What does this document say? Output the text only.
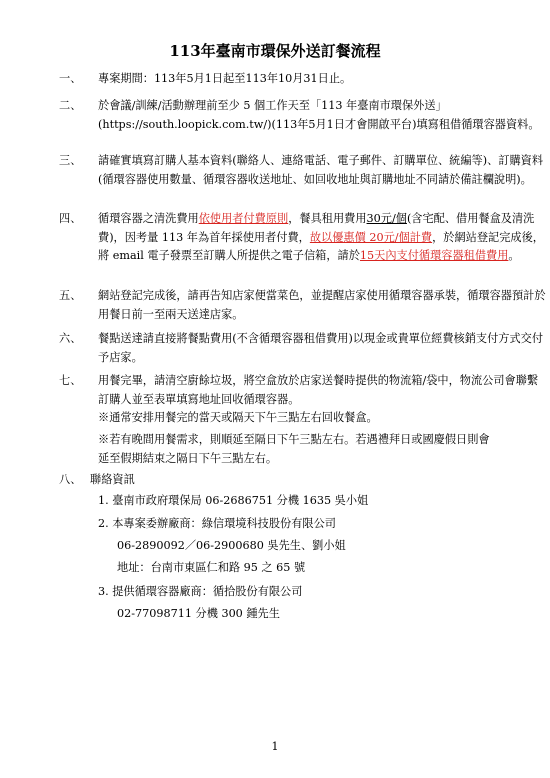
113年臺南市環保外送訂餐流程
一、	專案期間：113年5月1日起至113年10月31日止。
二、	於會議/訓練/活動辦理前至少 5 個工作天至「113 年臺南市環保外送」(https://south.loopick.com.tw/)(113年5月1日才會開啟平台)填寫租借循環容器資料。
三、	請確實填寫訂購人基本資料(聯絡人、連絡電話、電子郵件、訂購單位、統編等)、訂購資料(循環容器使用數量、循環容器收送地址、如回收地址與訂購地址不同請於備註欄說明)。
四、	循環容器之清洗費用依使用者付費原則，餐具租用費用30元/個(含宅配、借用餐盒及清洗費)，因考量 113 年為首年採使用者付費，故以優惠價 20元/個計費，於網站登記完成後，將 email 電子發票至訂購人所提供之電子信箱，請於15天內支付循環容器租借費用。
五、	網站登記完成後，請再告知店家便當菜色，並提醒店家使用循環容器承裝，循環容器預計於用餐日前一至兩天送達店家。
六、	餐點送達請直接將餐點費用(不含循環容器租借費用)以現金或貴單位經費核銷支付方式交付予店家。
七、	用餐完畢，請清空廚餘垃圾，將空盒放於店家送餐時提供的物流箱/袋中，物流公司會聯繫訂購人並至表單填寫地址回收循環容器。
※通常安排用餐完的當天或隔天下午三點左右回收餐盒。
※若有晚間用餐需求，則順延至隔日下午三點左右。若遇禮拜日或國慶假日則會延至假期結束之隔日下午三點左右。
八、 聯絡資訊
1. 臺南市政府環保局 06-2686751 分機 1635 吳小姐
2. 本專案委辦廠商：綠信環境科技股份有限公司
06-2890092／06-2900680 吳先生、劉小姐
地址：台南市東區仁和路 95 之 65 號
3. 提供循環容器廠商：循拾股份有限公司
02-77098711 分機 300 鍾先生
1
